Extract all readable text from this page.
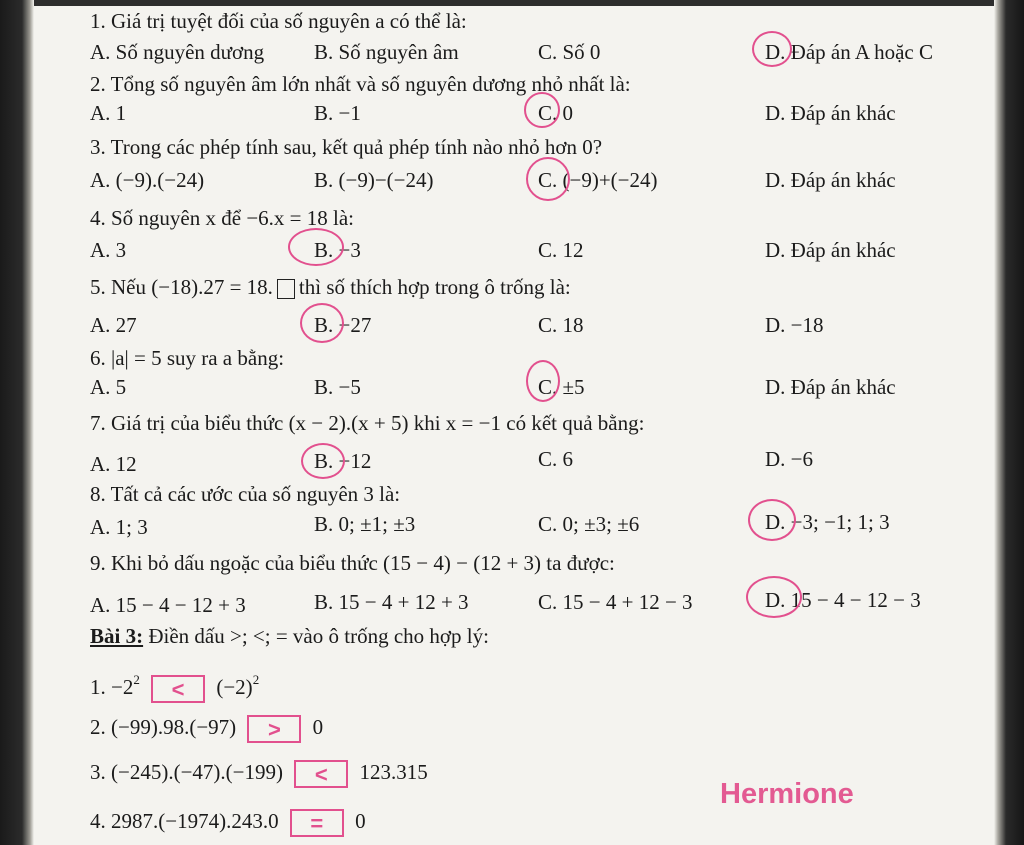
1. Giá trị tuyệt đối của số nguyên a có thể là:
A. Số nguyên dương B. Số nguyên âm	C. Số 0	D. Đáp án A hoặc C
2. Tổng số nguyên âm lớn nhất và số nguyên dương nhỏ nhất là:
A. 1	B. −1	C. 0	D. Đáp án khác
3. Trong các phép tính sau, kết quả phép tính nào nhỏ hơn 0?
A. (−9).(−24)	B. (−9)−(−24)	C. (−9)+(−24)	D. Đáp án khác
4. Số nguyên x để −6.x = 18 là:
A. 3	B. −3	C. 12	D. Đáp án khác
5. Nếu (−18).27 = 18. thì số thích hợp trong ô trống là:
A. 27	B. −27	C. 18	D. −18
6. |a| = 5 suy ra a bằng:
A. 5	B. −5	C. ±5	D. Đáp án khác
7. Giá trị của biểu thức (x − 2).(x + 5) khi x = −1 có kết quả bằng:
A. 12	B. −12	C. 6	D. −6
8. Tất cả các ước của số nguyên 3 là:
A. 1; 3	B. 0; ±1; ±3	C. 0; ±3; ±6	D. −3; −1; 1; 3
9. Khi bỏ dấu ngoặc của biểu thức (15 − 4) − (12 + 3) ta được:
A. 15 − 4 − 12 + 3	B. 15 − 4 + 12 + 3	C. 15 − 4 + 12 − 3	D. 15 − 4 − 12 − 3
Bài 3: Điền dấu >; <; = vào ô trống cho hợp lý:
1. $-2^2 < (-2)^2$
2. (−99).98.(−97) > 0
3. (−245).(−47).(−199) < 123.315
4. 2987.(−1974).243.0 = 0
Hermione
